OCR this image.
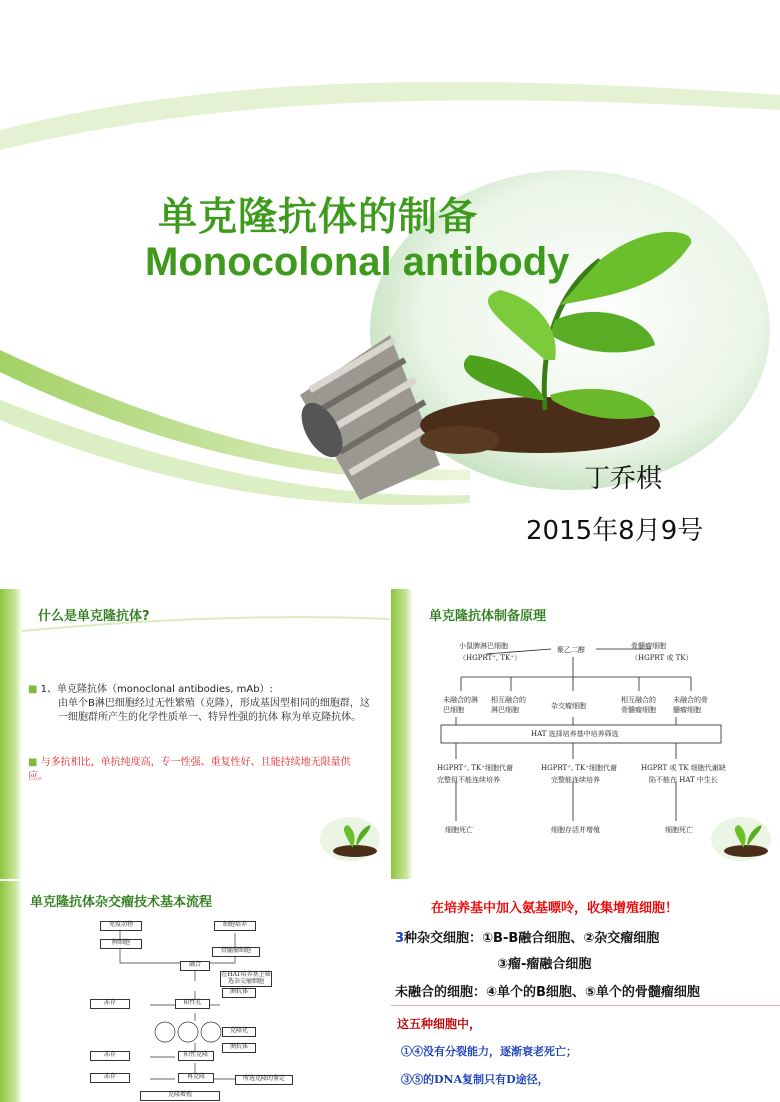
单克隆抗体的制备
Monocolonal antibody
丁乔棋
2015年8月9号
什么是单克隆抗体?
■ 1、单克隆抗体（monoclonal antibodies, mAb）:
由单个B淋巴细胞经过无性繁殖（克隆），形成基因型相同的细胞群，这一细胞群所产生的化学性质单一、特异性强的抗体 称为单克隆抗体。
■ 与多抗相比，单抗纯度高，专一性强、重复性好、且能持续地无限量供应。
单克隆抗体制备原理
小鼠脾淋巴细胞
（HGPRT⁺, TK⁺）
聚乙二醇	骨髓瘤细胞
（HGPRT 或 TK）
未融合的淋巴细胞
相互融合的淋巴细胞	杂交瘤细胞
相互融合的骨髓瘤细胞
未融合的骨髓瘤细胞
HAT 选择培养基中培养筛选
HGPRT⁺, TK⁺细胞代谢
完整但不能连续培养
HGPRT⁺, TK⁺细胞代谢
完整能连续培养
HGPRT 或 TK 细胞代谢缺
陷不能在 HAT 中生长
细胞死亡	细胞存活并增殖	细胞死亡
单克隆抗体杂交瘤技术基本流程
免疫动物	细胞培养
脾细胞
骨髓瘤细胞
融合
在HAT培养基上筛选杂交瘤细胞
阳性孔
冻存
测抗体
克隆化
阳性克隆
冻存
测抗体
再克隆
冻存
克隆增殖
所选克隆的鉴定
在培养基中加入氨基嘌呤，收集增殖细胞！
3种杂交细胞：①B-B融合细胞、②杂交瘤细胞
③瘤-瘤融合细胞
未融合的细胞：④单个的B细胞、⑤单个的骨髓瘤细胞
这五种细胞中，
①④没有分裂能力，逐渐衰老死亡；
③⑤的DNA复制只有D途径，
